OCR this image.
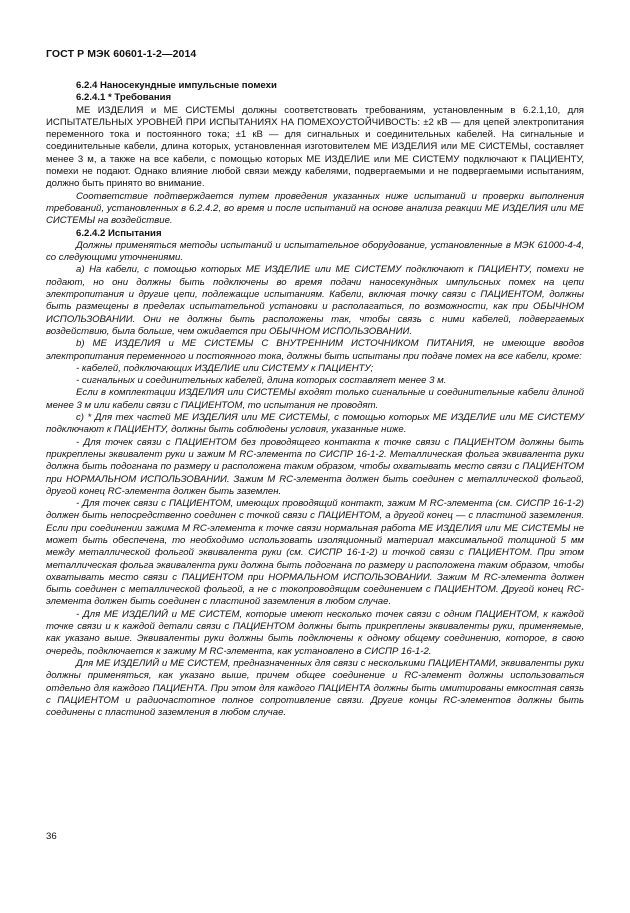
ГОСТ Р МЭК 60601-1-2—2014

6.2.4 Наносекундные импульсные помехи

6.2.4.1 * Требования

МЕ ИЗДЕЛИЯ и МЕ СИСТЕМЫ должны соответствовать требованиям, установленным в 6.2.1,10, для ИСПЫТАТЕЛЬНЫХ УРОВНЕЙ ПРИ ИСПЫТАНИЯХ НА ПОМЕХОУСТОЙЧИВОСТЬ: ±2 кВ — для цепей электропитания переменного тока и постоянного тока; ±1 кВ — для сигнальных и соединительных кабелей. На сигнальные и соединительные кабели, длина которых, установленная изготовителем МЕ ИЗДЕЛИЯ или МЕ СИСТЕМЫ, составляет менее 3 м, а также на все кабели, с помощью которых МЕ ИЗДЕЛИЕ или МЕ СИСТЕМУ подключают к ПАЦИЕНТУ, помехи не подают. Однако влияние любой связи между кабелями, подвергаемыми и не подвергаемыми испытаниям, должно быть принято во внимание.

Соответствие подтверждается путем проведения указанных ниже испытаний и проверки выполнения требований, установленных в 6.2.4.2, во время и после испытаний на основе анализа реакции МЕ ИЗДЕЛИЯ или МЕ СИСТЕМЫ на воздействие.

6.2.4.2 Испытания

Должны применяться методы испытаний и испытательное оборудование, установленные в МЭК 61000-4-4, со следующими уточнениями.

а) На кабели, с помощью которых МЕ ИЗДЕЛИЕ или МЕ СИСТЕМУ подключают к ПАЦИЕНТУ, помехи не подают, но они должны быть подключены во время подачи наносекундных импульсных помех на цепи электропитания и другие цепи, подлежащие испытаниям. Кабели, включая точку связи с ПАЦИЕНТОМ, должны быть размещены в пределах испытательной установки и располагаться, по возможности, как при ОБЫЧНОМ ИСПОЛЬЗОВАНИИ. Они не должны быть расположены так, чтобы связь с ними кабелей, подвергаемых воздействию, была больше, чем ожидается при ОБЫЧНОМ ИСПОЛЬЗОВАНИИ.

b) МЕ ИЗДЕЛИЯ и МЕ СИСТЕМЫ С ВНУТРЕННИМ ИСТОЧНИКОМ ПИТАНИЯ, не имеющие вводов электропитания переменного и постоянного тока, должны быть испытаны при подаче помех на все кабели, кроме:

- кабелей, подключающих ИЗДЕЛИЕ или СИСТЕМУ к ПАЦИЕНТУ;

- сигнальных и соединительных кабелей, длина которых составляет менее 3 м.

Если в комплектации ИЗДЕЛИЯ или СИСТЕМЫ входят только сигнальные и соединительные кабели длиной менее 3 м или кабели связи с ПАЦИЕНТОМ, то испытания не проводят.

с) * Для тех частей МЕ ИЗДЕЛИЯ или МЕ СИСТЕМЫ, с помощью которых МЕ ИЗДЕЛИЕ или МЕ СИСТЕМУ подключают к ПАЦИЕНТУ, должны быть соблюдены условия, указанные ниже.

- Для точек связи с ПАЦИЕНТОМ без проводящего контакта к точке связи с ПАЦИЕНТОМ должны быть прикреплены эквивалент руки и зажим М RC-элемента по СИСПР 16-1-2. Металлическая фольга эквивалента руки должна быть подогнана по размеру и расположена таким образом, чтобы охватывать место связи с ПАЦИЕНТОМ при НОРМАЛЬНОМ ИСПОЛЬЗОВАНИИ. Зажим М RC-элемента должен быть соединен с металлической фольгой, другой конец RC-элемента должен быть заземлен.

- Для точек связи с ПАЦИЕНТОМ, имеющих проводящий контакт, зажим М RC-элемента (см. СИСПР 16-1-2) должен быть непосредственно соединен с точкой связи с ПАЦИЕНТОМ, а другой конец — с пластиной заземления. Если при соединении зажима М RC-элемента к точке связи нормальная работа МЕ ИЗДЕЛИЯ или МЕ СИСТЕМЫ не может быть обеспечена, то необходимо использовать изоляционный материал максимальной толщиной 5 мм между металлической фольгой эквивалента руки (см. СИСПР 16-1-2) и точкой связи с ПАЦИЕНТОМ. При этом металлическая фольга эквивалента руки должна быть подогнана по размеру и расположена таким образом, чтобы охватывать место связи с ПАЦИЕНТОМ при НОРМАЛЬНОМ ИСПОЛЬЗОВАНИИ. Зажим М RC-элемента должен быть соединен с металлической фольгой, а не с токопроводящим соединением с ПАЦИЕНТОМ. Другой конец RC-элемента должен быть соединен с пластиной заземления в любом случае.

- Для МЕ ИЗДЕЛИЙ и МЕ СИСТЕМ, которые имеют несколько точек связи с одним ПАЦИЕНТОМ, к каждой точке связи и к каждой детали связи с ПАЦИЕНТОМ должны быть прикреплены эквиваленты руки, применяемые, как указано выше. Эквиваленты руки должны быть подключены к одному общему соединению, которое, в свою очередь, подключается к зажиму М RC-элемента, как установлено в СИСПР 16-1-2.

Для МЕ ИЗДЕЛИЙ и МЕ СИСТЕМ, предназначенных для связи с несколькими ПАЦИЕНТАМИ, эквиваленты руки должны применяться, как указано выше, причем общее соединение и RC-элемент должны использоваться отдельно для каждого ПАЦИЕНТА. При этом для каждого ПАЦИЕНТА должны быть имитированы емкостная связь с ПАЦИЕНТОМ и радиочастотное полное сопротивление связи. Другие концы RC-элементов должны быть соединены с пластиной заземления в любом случае.

36
